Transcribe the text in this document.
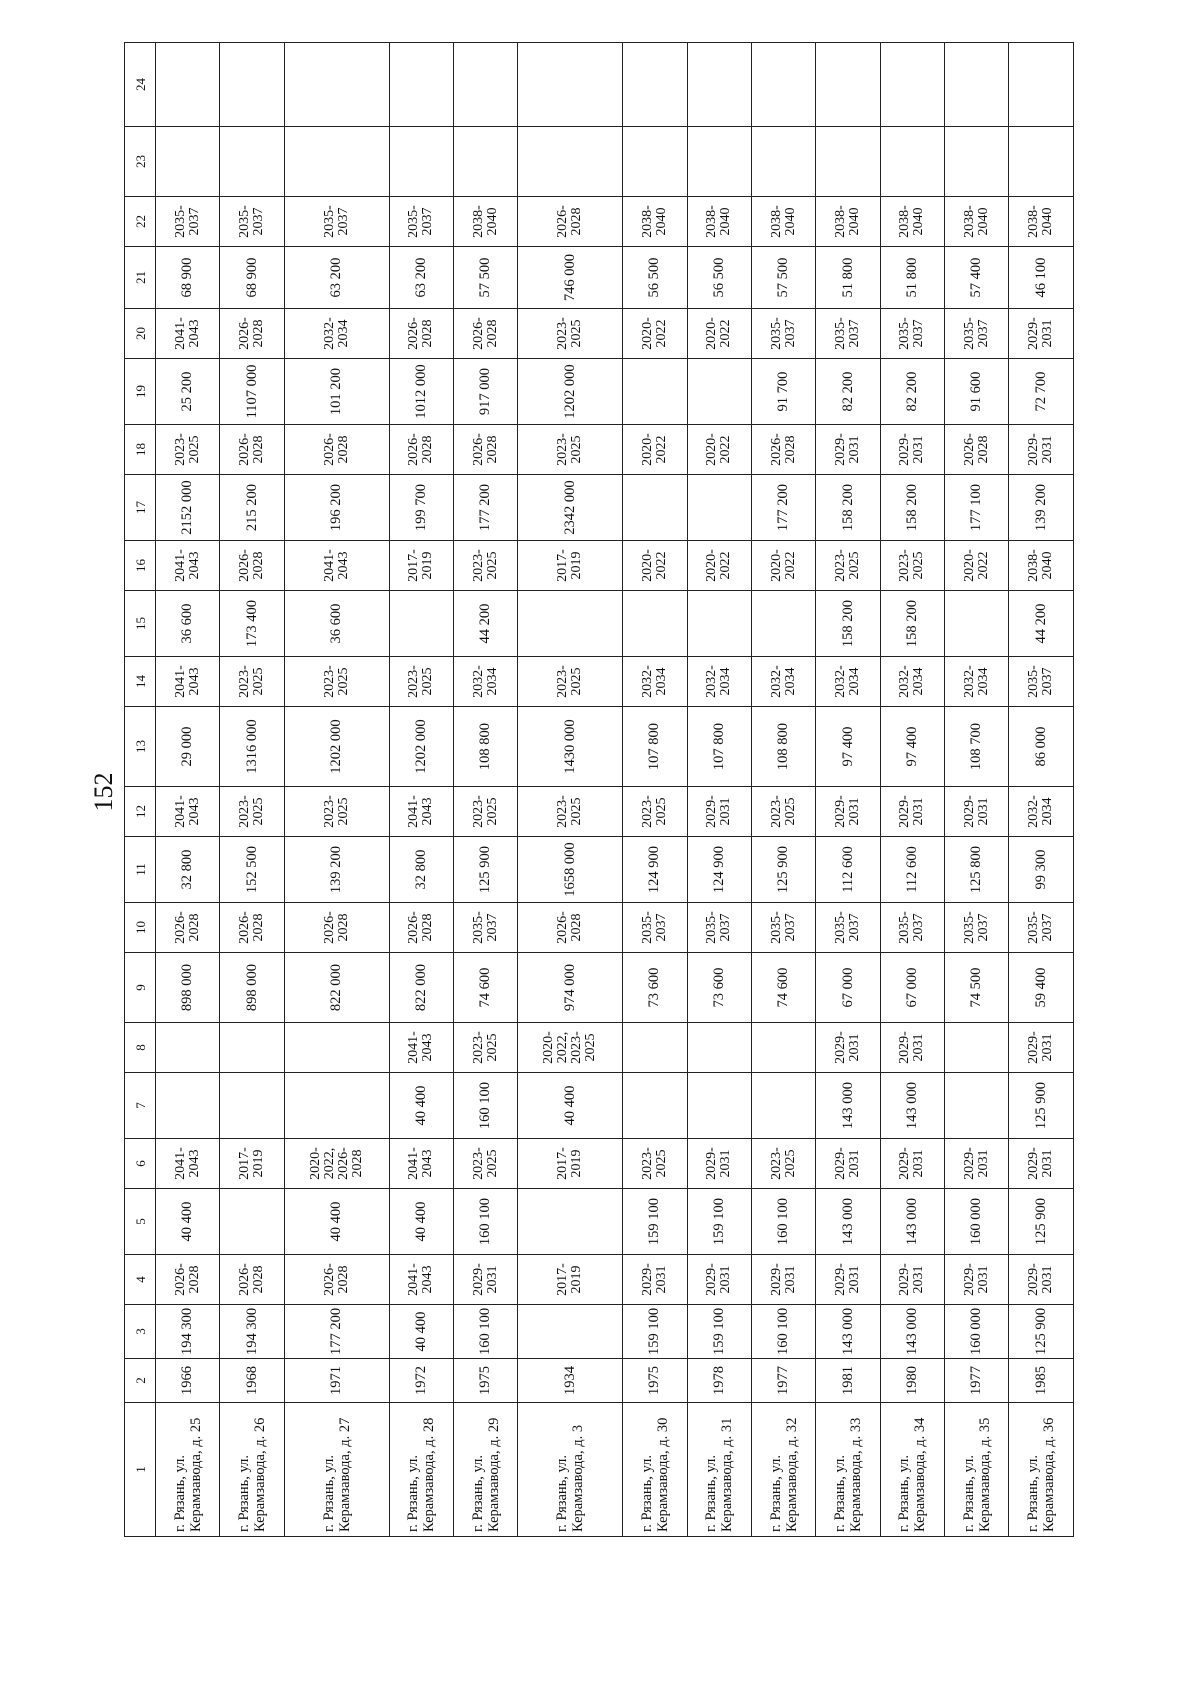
152
1	2	3	4	5	6	7	8	9	10	11	12	13	14	15	16	17	18	19	20	21	22	23	24
г. Рязань, ул. Керамзавода, д. 25	1966	194 300	2026-2028	40 400	2041-2043			898 000	2026-2028	32 800	2041-2043	29 000	2041-2043	36 600	2041-2043	2152 000	2023-2025	25 200	2041-2043	68 900	2035-2037		
г. Рязань, ул. Керамзавода, д. 26	1968	194 300	2026-2028		2017-2019			898 000	2026-2028	152 500	2023-2025	1316 000	2023-2025	173 400	2026-2028	215 200	2026-2028	1107 000	2026-2028	68 900	2035-2037		
г. Рязань, ул. Керамзавода, д. 27	1971	177 200	2026-2028	40 400	2020-2022, 2026-2028			822 000	2026-2028	139 200	2023-2025	1202 000	2023-2025	36 600	2041-2043	196 200	2026-2028	101 200	2032-2034	63 200	2035-2037		
г. Рязань, ул. Керамзавода, д. 28	1972	40 400	2041-2043	40 400	2041-2043	40 400	2041-2043	822 000	2026-2028	32 800	2041-2043	1202 000	2023-2025		2017-2019	199 700	2026-2028	1012 000	2026-2028	63 200	2035-2037		
г. Рязань, ул. Керамзавода, д. 29	1975	160 100	2029-2031	160 100	2023-2025	160 100	2023-2025	74 600	2035-2037	125 900	2023-2025	108 800	2032-2034	44 200	2023-2025	177 200	2026-2028	917 000	2026-2028	57 500	2038-2040		
г. Рязань, ул. Керамзавода, д. 3	1934		2017-2019		2017-2019	40 400	2020-2022, 2023-2025	974 000	2026-2028	1658 000	2023-2025	1430 000	2023-2025		2017-2019	2342 000	2023-2025	1202 000	2023-2025	746 000	2026-2028		
г. Рязань, ул. Керамзавода, д. 30	1975	159 100	2029-2031	159 100	2023-2025			73 600	2035-2037	124 900	2023-2025	107 800	2032-2034		2020-2022		2020-2022		2020-2022	56 500	2038-2040		
г. Рязань, ул. Керамзавода, д. 31	1978	159 100	2029-2031	159 100	2029-2031			73 600	2035-2037	124 900	2029-2031	107 800	2032-2034		2020-2022		2020-2022		2020-2022	56 500	2038-2040		
г. Рязань, ул. Керамзавода, д. 32	1977	160 100	2029-2031	160 100	2023-2025			74 600	2035-2037	125 900	2023-2025	108 800	2032-2034		2020-2022	177 200	2026-2028	91 700	2035-2037	57 500	2038-2040		
г. Рязань, ул. Керамзавода, д. 33	1981	143 000	2029-2031	143 000	2029-2031	143 000	2029-2031	67 000	2035-2037	112 600	2029-2031	97 400	2032-2034	158 200	2023-2025	158 200	2029-2031	82 200	2035-2037	51 800	2038-2040		
г. Рязань, ул. Керамзавода, д. 34	1980	143 000	2029-2031	143 000	2029-2031	143 000	2029-2031	67 000	2035-2037	112 600	2029-2031	97 400	2032-2034	158 200	2023-2025	158 200	2029-2031	82 200	2035-2037	51 800	2038-2040		
г. Рязань, ул. Керамзавода, д. 35	1977	160 000	2029-2031	160 000	2029-2031			74 500	2035-2037	125 800	2029-2031	108 700	2032-2034		2020-2022	177 100	2026-2028	91 600	2035-2037	57 400	2038-2040		
г. Рязань, ул. Керамзавода, д. 36	1985	125 900	2029-2031	125 900	2029-2031	125 900	2029-2031	59 400	2035-2037	99 300	2032-2034	86 000	2035-2037	44 200	2038-2040	139 200	2029-2031	72 700	2029-2031	46 100	2038-2040		
